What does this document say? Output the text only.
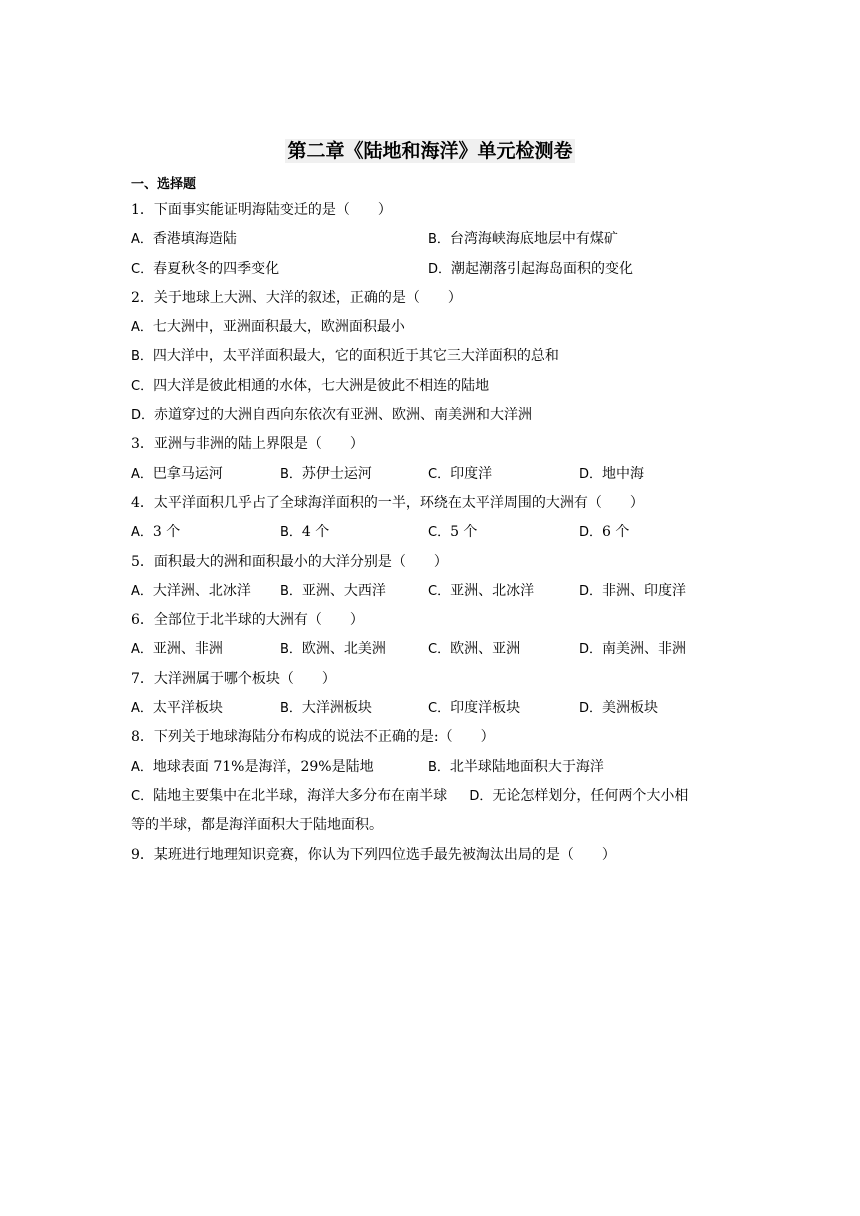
第二章《陆地和海洋》单元检测卷
一、选择题
1．下面事实能证明海陆变迁的是（　　）
A．香港填海造陆	B．台湾海峡海底地层中有煤矿
C．春夏秋冬的四季变化	D．潮起潮落引起海岛面积的变化
2．关于地球上大洲、大洋的叙述，正确的是（　　）
A．七大洲中，亚洲面积最大，欧洲面积最小
B．四大洋中，太平洋面积最大，它的面积近于其它三大洋面积的总和
C．四大洋是彼此相通的水体，七大洲是彼此不相连的陆地
D．赤道穿过的大洲自西向东依次有亚洲、欧洲、南美洲和大洋洲
3．亚洲与非洲的陆上界限是（　　）
A．巴拿马运河	B．苏伊士运河	C．印度洋	D．地中海
4．太平洋面积几乎占了全球海洋面积的一半，环绕在太平洋周围的大洲有（　　）
A．3 个	B．4 个	C．5 个	D．6 个
5．面积最大的洲和面积最小的大洋分别是（　　）
A．大洋洲、北冰洋 B．亚洲、大西洋	C．亚洲、北冰洋	D．非洲、印度洋
6．全部位于北半球的大洲有（　　）
A．亚洲、非洲	B．欧洲、北美洲	C．欧洲、亚洲	D．南美洲、非洲
7．大洋洲属于哪个板块（　　）
A．太平洋板块	B．大洋洲板块	C．印度洋板块	D．美洲板块
8．下列关于地球海陆分布构成的说法不正确的是:（　　）
A．地球表面 71%是海洋，29%是陆地	B．北半球陆地面积大于海洋
C．陆地主要集中在北半球，海洋大多分布在南半球 D．无论怎样划分，任何两个大小相
等的半球，都是海洋面积大于陆地面积。
9．某班进行地理知识竞赛，你认为下列四位选手最先被淘汰出局的是（　　）
